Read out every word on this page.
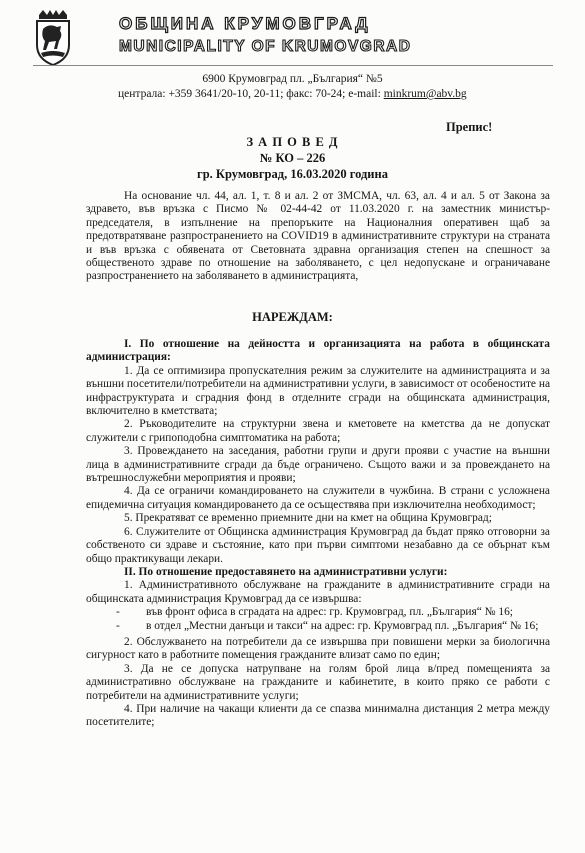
ОБЩИНА КРУМОВГРАД
MUNICIPALITY OF KRUMOVGRAD
6900 Крумовград пл. „България“ №5
централа: +359 3641/20-10, 20-11; факс: 70-24; e-mail: minkrum@abv.bg
Препис!
З А П О В Е Д
№ КО – 226
гр. Крумовград, 16.03.2020 година

На основание чл. 44, ал. 1, т. 8 и ал. 2 от ЗМСМА, чл. 63, ал. 4 и ал. 5 от Закона за здравето, във връзка с Писмо № 02-44-42 от 11.03.2020 г. на заместник министър- председателя, в изпълнение на препоръките на Националния оперативен щаб за предотвратяване разпространението на COVID19 в административните структури на страната и във връзка с обявената от Световната здравна организация степен на спешност за общественото здраве по отношение на заболяването, с цел недопускане и ограничаване разпространението на заболяването в администрацията,

НАРЕЖДАМ:

I. По отношение на дейността и организацията на работа в общинската администрация:

1. Да се оптимизира пропускателния режим за служителите на администрацията и за външни посетители/потребители на административни услуги, в зависимост от особеностите на инфраструктурата и сградния фонд в отделните сгради на общинската администрация, включително в кметствата;

2. Ръководителите на структурни звена и кметовете на кметства да не допускат служители с грипоподобна симптоматика на работа;

3. Провеждането на заседания, работни групи и други прояви с участие на външни лица в административните сгради да бъде ограничено. Същото важи и за провеждането на вътрешнослужебни мероприятия и прояви;

4. Да се ограничи командироването на служители в чужбина. В страни с усложнена епидемична ситуация командироването да се осъществява при изключителна необходимост;

5. Прекратяват се временно приемните дни на кмет на община Крумовград;

6. Служителите от Общинска администрация Крумовград да бъдат пряко отговорни за собственото си здраве и състояние, като при първи симптоми незабавно да се обърнат към общо практикуващи лекари.

II. По отношение предоставянето на административни услуги:

1. Административното обслужване на гражданите в административните сгради на общинската администрация Крумовград да се извършва:

-	във фронт офиса в сградата на адрес: гр. Крумовград, пл. „България“ № 16;
-	в отдел „Местни данъци и такси“ на адрес: гр. Крумовград пл. „България“ № 16;

2. Обслужването на потребители да се извършва при повишени мерки за биологична сигурност като в работните помещения гражданите влизат само по един;

3. Да не се допуска натрупване на голям брой лица в/пред помещенията за административно обслужване на гражданите и кабинетите, в които пряко се работи с потребители на административните услуги;

4. При наличие на чакащи клиенти да се спазва минимална дистанция 2 метра между посетителите;
